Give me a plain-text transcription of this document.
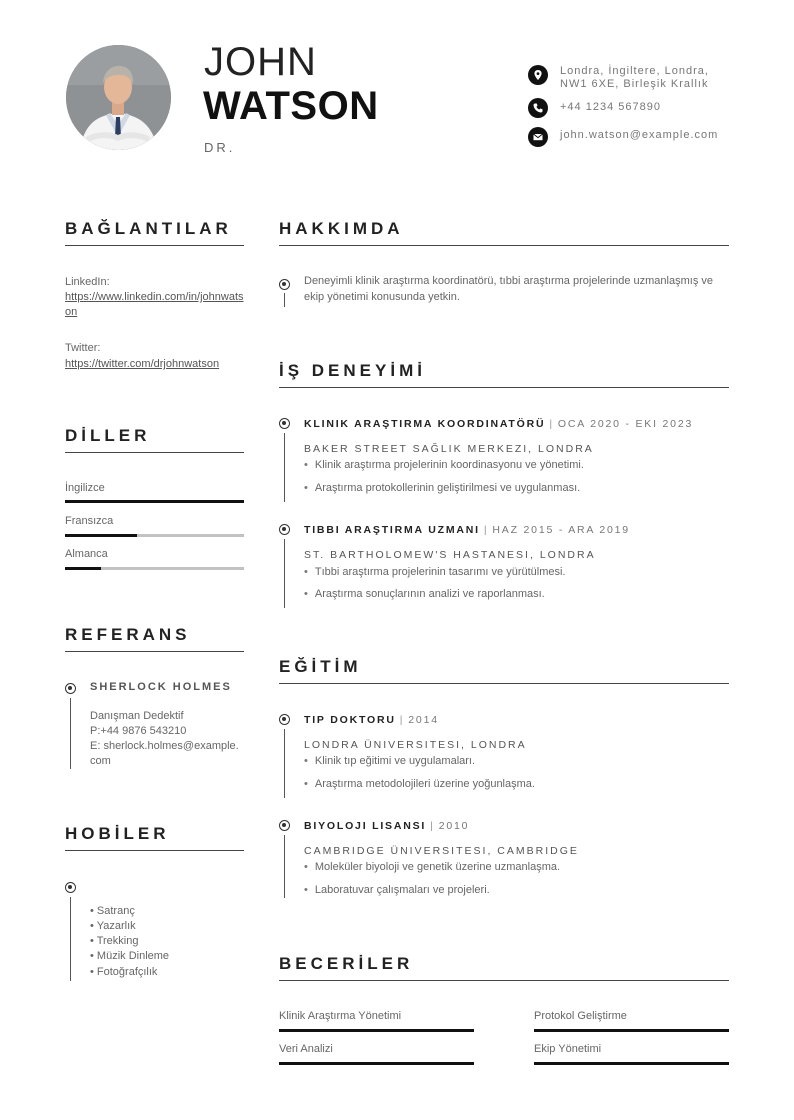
JOHN
WATSON
DR.
Londra, İngiltere, Londra, NW1 6XE, Birleşik Krallık
+44 1234 567890
john.watson@example.com
BAĞLANTILAR
LinkedIn:
https://www.linkedin.com/in/johnwatson
Twitter:
https://twitter.com/drjohnwatson
DİLLER
İngilizce
Fransızca
Almanca
REFERANS
SHERLOCK HOLMES
Danışman Dedektif
P:+44 9876 543210
E: sherlock.holmes@example.com
HOBİLER
• Satranç
• Yazarlık
• Trekking
• Müzik Dinleme
• Fotoğrafçılık
HAKKIMDA
Deneyimli klinik araştırma koordinatörü, tıbbi araştırma projelerinde uzmanlaşmış ve ekip yönetimi konusunda yetkin.
İŞ DENEYİMİ
KLINIK ARAŞTIRMA KOORDINATÖRÜ | OCA 2020 - EKI 2023
BAKER STREET SAĞLIK MERKEZI, LONDRA
• Klinik araştırma projelerinin koordinasyonu ve yönetimi.
• Araştırma protokollerinin geliştirilmesi ve uygulanması.
TIBBI ARAŞTIRMA UZMANI | HAZ 2015 - ARA 2019
ST. BARTHOLOMEW'S HASTANESI, LONDRA
• Tıbbi araştırma projelerinin tasarımı ve yürütülmesi.
• Araştırma sonuçlarının analizi ve raporlanması.
EĞİTİM
TIP DOKTORU | 2014
LONDRA ÜNIVERSITESI, LONDRA
• Klinik tıp eğitimi ve uygulamaları.
• Araştırma metodolojileri üzerine yoğunlaşma.
BIYOLOJI LISANSI | 2010
CAMBRIDGE ÜNIVERSITESI, CAMBRIDGE
• Moleküler biyoloji ve genetik üzerine uzmanlaşma.
• Laboratuvar çalışmaları ve projeleri.
BECERİLER
Klinik Araştırma Yönetimi	Protokol Geliştirme
Veri Analizi	Ekip Yönetimi
